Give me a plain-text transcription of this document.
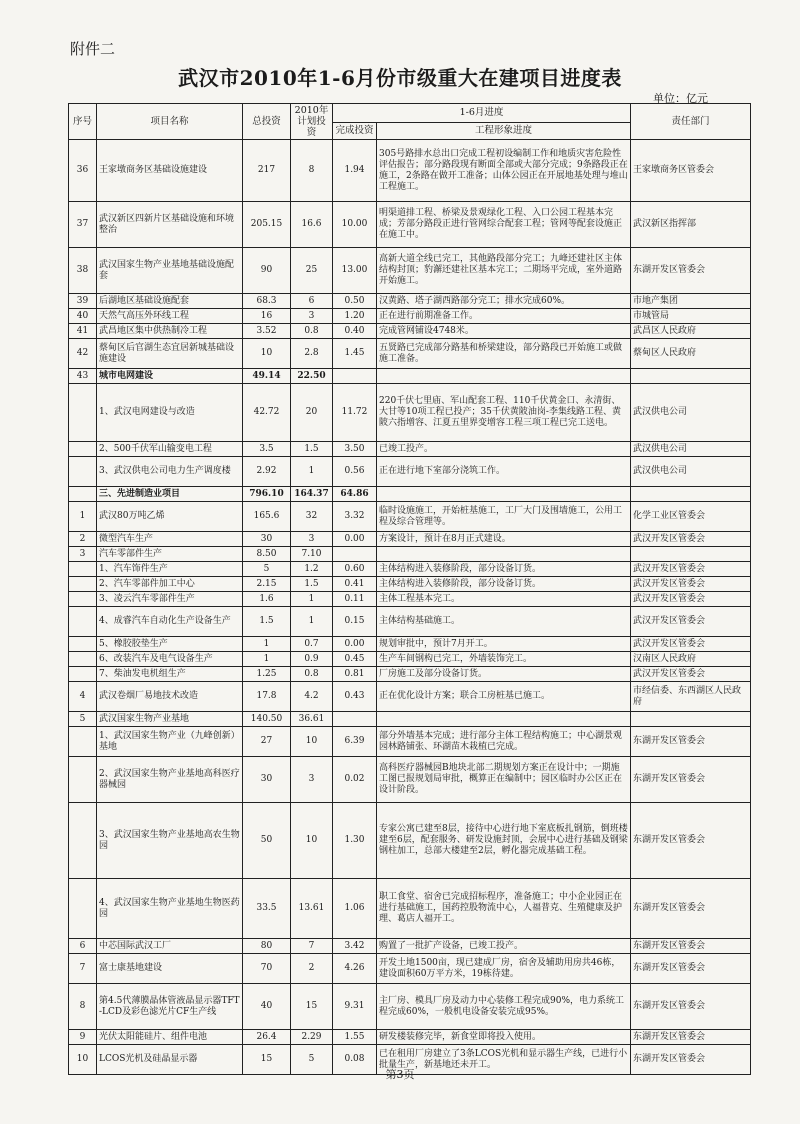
附件二
武汉市2010年1-6月份市级重大在建项目进度表
单位：亿元
序号	项目名称	总投资	2010年计划投资	1-6月进度		责任部门
				完成投资	工程形象进度	
36	王家墩商务区基础设施建设	217	8	1.94	305号路排水总出口完成工程初设编制工作和地质灾害危险性评估报告；部分路段现有断面全部或大部分完成；9条路段正在施工，2条路在做开工准备；山体公园正在开展地基处理与堆山工程施工。	王家墩商务区管委会
37	武汉新区四新片区基础设施和环境整治	205.15	16.6	10.00	明渠道排工程、桥梁及景观绿化工程、入口公园工程基本完成；芳部分路段正进行管网综合配套工程；管网等配套设施正在施工中。	武汉新区指挥部
38	武汉国家生物产业基地基础设施配套	90	25	13.00	高新大道全线已完工，其他路段部分完工；九峰还建社区主体结构封顶；豹澥还建社区基本完工；二期场平完成，室外道路开始施工。	东湖开发区管委会
39	后湖地区基础设施配套	68.3	6	0.50	汉黄路、塔子湖西路部分完工；排水完成60%。	市地产集团
40	天然气高压外环线工程	16	3	1.20	正在进行前期准备工作。	市城管局
41	武昌地区集中供热制冷工程	3.52	0.8	0.40	完成管网铺设4748米。	武昌区人民政府
42	蔡甸区后官湖生态宜居新城基础设施建设	10	2.8	1.45	五贤路已完成部分路基和桥梁建设，部分路段已开始施工或做施工准备。	蔡甸区人民政府
43	城市电网建设	49.14	22.50			
	1、武汉电网建设与改造	42.72	20	11.72	220千伏七里庙、军山配套工程、110千伏黄金口、永清街、大甘等10项工程已投产；35千伏黄陂油岗-李集线路工程、黄陂六指增容、江夏五里界变增容工程三项工程已完工送电。	武汉供电公司
	2、500千伏军山输变电工程	3.5	1.5	3.50	已竣工投产。	武汉供电公司
	3、武汉供电公司电力生产调度楼	2.92	1	0.56	正在进行地下室部分浇筑工作。	武汉供电公司
	三、先进制造业项目	796.10	164.37	64.86		
1	武汉80万吨乙烯	165.6	32	3.32	临时设施施工，开始桩基施工，工厂大门及围墙施工，公用工程及综合管理等。	化学工业区管委会
2	微型汽车生产	30	3	0.00	方案设计，预计在8月正式建设。	武汉开发区管委会
3	汽车零部件生产	8.50	7.10			
	1、汽车饰件生产	5	1.2	0.60	主体结构进入装修阶段，部分设备订货。	武汉开发区管委会
	2、汽车零部件加工中心	2.15	1.5	0.41	主体结构进入装修阶段，部分设备订货。	武汉开发区管委会
	3、凌云汽车零部件生产	1.6	1	0.11	主体工程基本完工。	武汉开发区管委会
	4、成睿汽车自动化生产设备生产	1.5	1	0.15	主体结构基础施工。	武汉开发区管委会
	5、橡胶胶垫生产	1	0.7	0.00	规划审批中，预计7月开工。	武汉开发区管委会
	6、改装汽车及电气设备生产	1	0.9	0.45	生产车间钢构已完工，外墙装饰完工。	汉南区人民政府
	7、柴油发电机组生产	1.25	0.8	0.81	厂房施工及部分设备订货。	武汉开发区管委会
4	武汉卷烟厂易地技术改造	17.8	4.2	0.43	正在优化设计方案；联合工房桩基已施工。	市经信委、东西湖区人民政府
5	武汉国家生物产业基地	140.50	36.61			
	1、武汉国家生物产业（九峰创新）基地	27	10	6.39	部分外墙基本完成；进行部分主体工程结构施工；中心湖景观园林路铺张、环湖苗木栽植已完成。	东湖开发区管委会
	2、武汉国家生物产业基地高科医疗器械园	30	3	0.02	高科医疗器械园B地块北部二期规划方案正在设计中；一期施工图已报规划局审批，概算正在编制中；园区临时办公区正在设计阶段。	东湖开发区管委会
	3、武汉国家生物产业基地高农生物园	50	10	1.30	专家公寓已建至8层，接待中心进行地下室底板扎钢筋，倒班楼建至6层，配套服务、研发设施封顶，会展中心进行基础及钢梁钢柱加工，总部大楼建至2层，孵化器完成基础工程。	东湖开发区管委会
	4、武汉国家生物产业基地生物医药园	33.5	13.61	1.06	职工食堂、宿舍已完成招标程序，准备施工；中小企业园正在进行基础施工，国药控股物流中心，人福普克、生殖健康及护理、葛店人福开工。	东湖开发区管委会
6	中芯国际武汉工厂	80	7	3.42	购置了一批扩产设备，已竣工投产。	东湖开发区管委会
7	富士康基地建设	70	2	4.26	开发土地1500亩，现已建成厂房，宿舍及辅助用房共46栋，建设面积60万平方米，19栋待建。	东湖开发区管委会
8	第4.5代薄膜晶体管液晶显示器TFT-LCD及彩色滤光片CF生产线	40	15	9.31	主厂房、模具厂房及动力中心装修工程完成90%，电力系统工程完成60%，一般机电设备安装完成95%。	东湖开发区管委会
9	光伏太阳能硅片、组件电池	26.4	2.29	1.55	研发楼装修完毕，新食堂即将投入使用。	东湖开发区管委会
10	LCOS光机及硅晶显示器	15	5	0.08	已在租用厂房建立了3条LCOS光机和显示器生产线，已进行小批量生产，新基地还未开工。	东湖开发区管委会
第3页
